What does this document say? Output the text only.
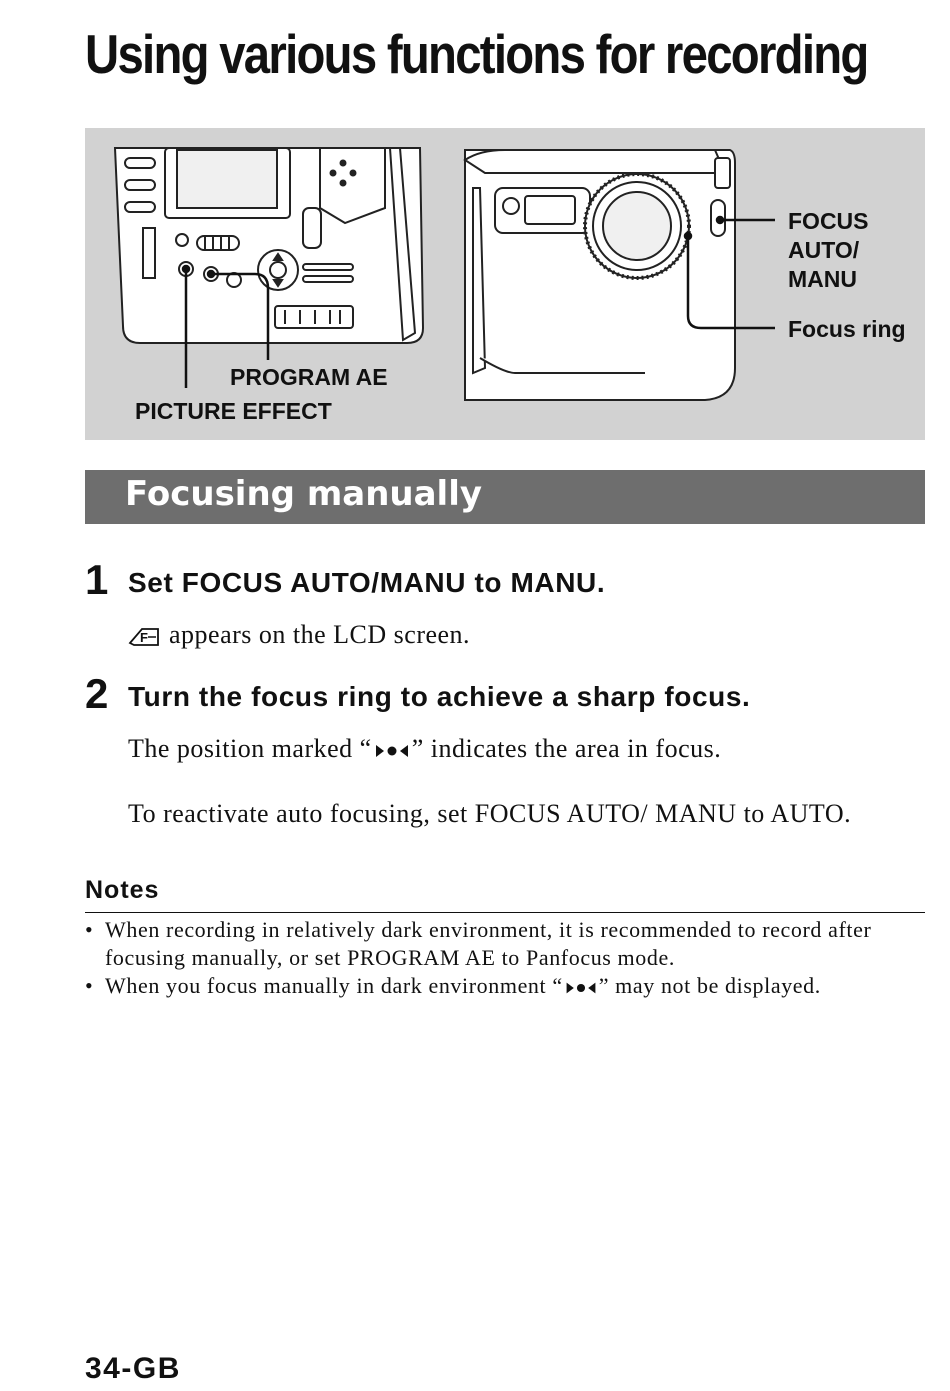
Using various functions for recording
PROGRAM AE
PICTURE EFFECT
FOCUS
AUTO/
MANU
Focus ring
Focusing manually
1 Set FOCUS AUTO/MANU to MANU.
F appears on the LCD screen.
2 Turn the focus ring to achieve a sharp focus.
The position marked “ ” indicates the area in focus.
To reactivate auto focusing, set FOCUS AUTO/ MANU to AUTO.
Notes
• When recording in relatively dark environment, it is recommended to record after focusing manually, or set PROGRAM AE to Panfocus mode.
• When you focus manually in dark environment “ ” may not be displayed.
34-GB
